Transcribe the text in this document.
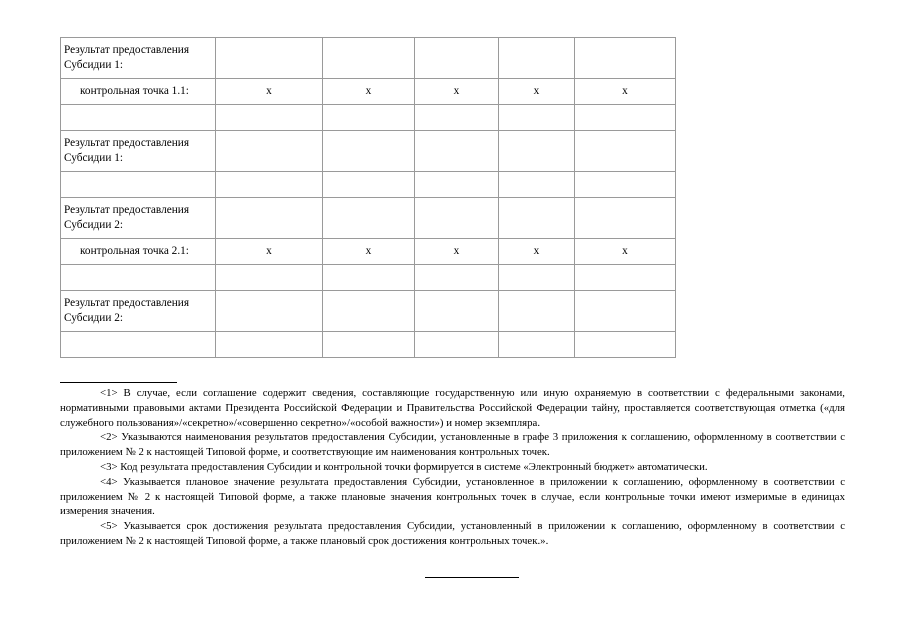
Результат предоставления Субсидии 1:					
контрольная точка 1.1:	x	x	x	x	x

Результат предоставления Субсидии 1:					

Результат предоставления Субсидии 2:					
контрольная точка 2.1:	x	x	x	x	x

Результат предоставления Субсидии 2:					

<1> В случае, если соглашение содержит сведения, составляющие государственную или иную охраняемую в соответствии с федеральными законами, нормативными правовыми актами Президента Российской Федерации и Правительства Российской Федерации тайну, проставляется соответствующая отметка («для служебного пользования»/«секретно»/«совершенно секретно»/«особой важности») и номер экземпляра.

<2> Указываются наименования результатов предоставления Субсидии, установленные в графе 3 приложения к соглашению, оформленному в соответствии с приложением № 2 к настоящей Типовой форме, и соответствующие им наименования контрольных точек.

<3> Код результата предоставления Субсидии и контрольной точки формируется в системе «Электронный бюджет» автоматически.

<4> Указывается плановое значение результата предоставления Субсидии, установленное в приложении к соглашению, оформленному в соответствии с приложением № 2 к настоящей Типовой форме, а также плановые значения контрольных точек в случае, если контрольные точки имеют измеримые в единицах измерения значения.

<5> Указывается срок достижения результата предоставления Субсидии, установленный в приложении к соглашению, оформленному в соответствии с приложением № 2 к настоящей Типовой форме, а также плановый срок достижения контрольных точек.».
